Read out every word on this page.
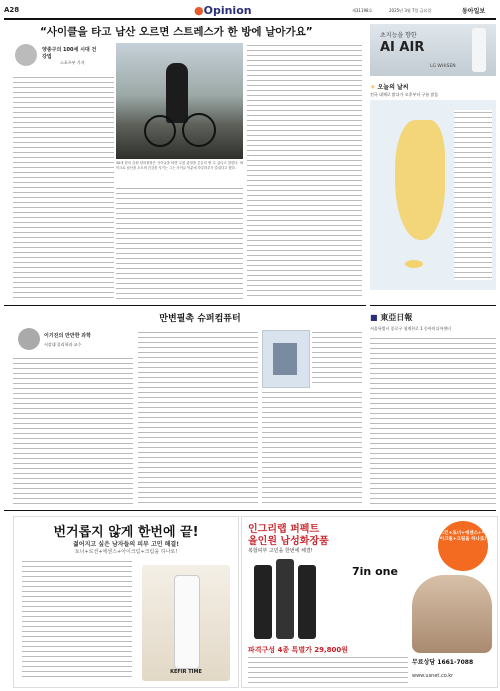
A28	●Opinion	제31198호	2025년 3월 7일 금요일	동아일보
“사이클을 타고 남산 오르면 스트레스가 한 방에 날아가요”
양종구의 100세 시대 건강법
스포츠부 기자
50대 한의 강원 한의원장은 사이클을 타면 무릎 관절을 튼튼히 할 수 있다고 말한다. 바이크로 남산을 오르며 건강을 지키는 그는 사이클 덕분에 하루하루가 즐겁다고 했다.
초지능을 향한
AI AIR
LG WHISEN
☀ 오늘의 날씨
전국 대체로 맑다가 오후부터 구름 많음
만변필촉 슈퍼컴퓨터
이기진의 만만한 과학
서강대 물리학과 교수
■ 東亞日報
서울특별시 종로구 청계천로 1 동아미디어센터
번거롭지 않게 한번에 끝!
젊어지고 싶은 남자들의 피부 고민 해결!
토너+로션+에센스+아이크림+크림을 하나로!
KEFIR TIME
인그리랩 퍼펙트
올인원 남성화장품
복합피부 고민을 한번에 해결!
7in one
스킨+토너+에센스+아이크림+크림을 하나로!
파격구성 4종 특별가 29,800원
무료상담 1661-7088
www.usnet.co.kr
